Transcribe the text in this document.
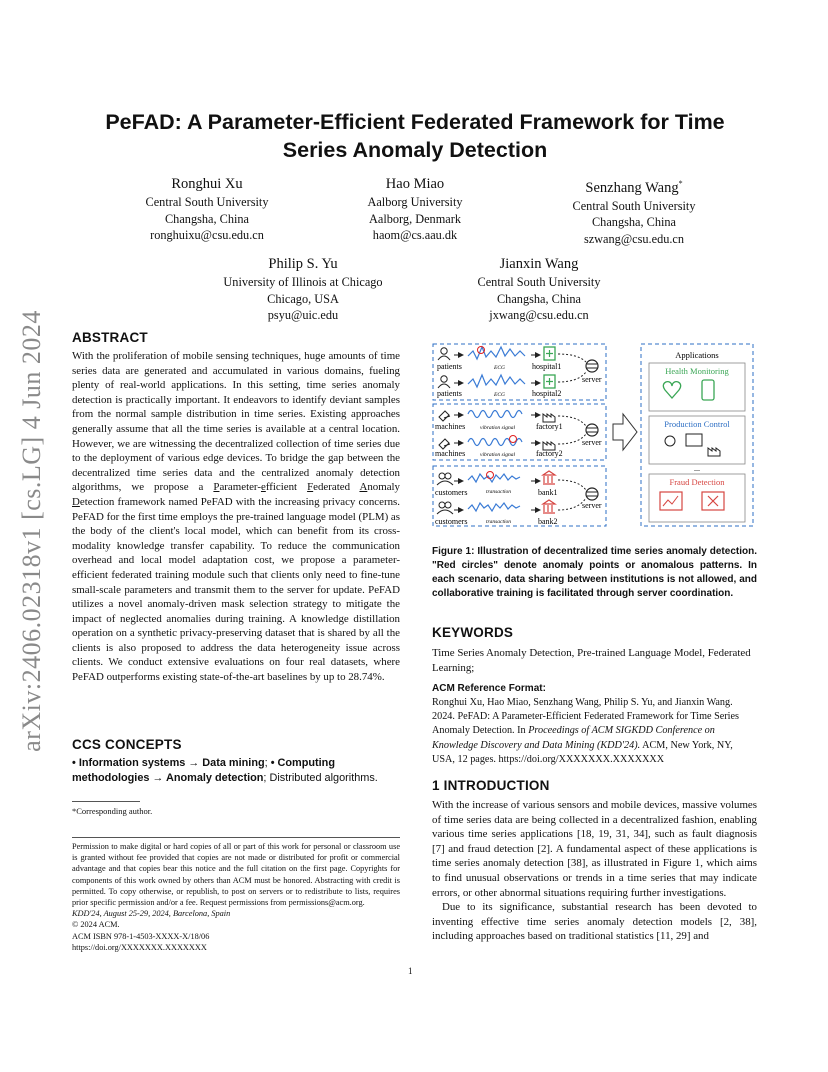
arXiv:2406.02318v1 [cs.LG] 4 Jun 2024
PeFAD: A Parameter-Efficient Federated Framework for Time
Series Anomaly Detection
Ronghui Xu
Central South University
Changsha, China
ronghuixu@csu.edu.cn
Hao Miao
Aalborg University
Aalborg, Denmark
haom@cs.aau.dk
Senzhang Wang*
Central South University
Changsha, China
szwang@csu.edu.cn
Philip S. Yu
University of Illinois at Chicago
Chicago, USA
psyu@uic.edu
Jianxin Wang
Central South University
Changsha, China
jxwang@csu.edu.cn
ABSTRACT
With the proliferation of mobile sensing techniques, huge amounts of time series data are generated and accumulated in various domains, fueling plenty of real-world applications. In this setting, time series anomaly detection is practically important. It endeavors to identify deviant samples from the normal sample distribution in time series. Existing approaches generally assume that all the time series is available at a central location. However, we are witnessing the decentralized collection of time series due to the deployment of various edge devices. To bridge the gap between the decentralized time series data and the centralized anomaly detection algorithms, we propose a Parameter-efficient Federated Anomaly Detection framework named PeFAD with the increasing privacy concerns. PeFAD for the first time employs the pre-trained language model (PLM) as the body of the client's local model, which can benefit from its cross-modality knowledge transfer capability. To reduce the communication overhead and local model adaptation cost, we propose a parameter-efficient federated training module such that clients only need to fine-tune small-scale parameters and transmit them to the server for update. PeFAD utilizes a novel anomaly-driven mask selection strategy to mitigate the impact of neglected anomalies during training. A knowledge distillation operation on a synthetic privacy-preserving dataset that is shared by all the clients is also proposed to address the data heterogeneity issue across clients. We conduct extensive evaluations on four real datasets, where PeFAD outperforms existing state-of-the-art baselines by up to 28.74%.
CCS CONCEPTS
• Information systems → Data mining; • Computing methodologies → Anomaly detection; Distributed algorithms.
*Corresponding author.
Permission to make digital or hard copies of all or part of this work for personal or classroom use is granted without fee provided that copies are not made or distributed for profit or commercial advantage and that copies bear this notice and the full citation on the first page. Copyrights for components of this work owned by others than ACM must be honored. Abstracting with credit is permitted. To copy otherwise, or republish, to post on servers or to redistribute to lists, requires prior specific permission and/or a fee. Request permissions from permissions@acm.org.
KDD'24, August 25-29, 2024, Barcelona, Spain
© 2024 ACM.
ACM ISBN 978-1-4503-XXXX-X/18/06
https://doi.org/XXXXXXX.XXXXXXX
patients	ECG	hospital1
patients	ECG	hospital2
machines	vibration signal	factory1
machines	vibration signal	factory2
customers	transaction	bank1
customers	transaction	bank2
server
server
server
Applications
Health Monitoring
Production Control
...
Fraud Detection
Figure 1: Illustration of decentralized time series anomaly detection. "Red circles" denote anomaly points or anomalous patterns. In each scenario, data sharing between institutions is not allowed, and collaborative training is facilitated through server coordination.
KEYWORDS
Time Series Anomaly Detection, Pre-trained Language Model, Federated Learning;
ACM Reference Format:
Ronghui Xu, Hao Miao, Senzhang Wang, Philip S. Yu, and Jianxin Wang. 2024. PeFAD: A Parameter-Efficient Federated Framework for Time Series Anomaly Detection. In Proceedings of ACM SIGKDD Conference on Knowledge Discovery and Data Mining (KDD'24). ACM, New York, NY, USA, 12 pages. https://doi.org/XXXXXXX.XXXXXXX
1 INTRODUCTION
With the increase of various sensors and mobile devices, massive volumes of time series data are being collected in a decentralized fashion, enabling various time series applications [18, 19, 31, 34], such as fault diagnosis [7] and fraud detection [2]. A fundamental aspect of these applications is time series anomaly detection [38], as illustrated in Figure 1, which aims to find unusual observations or trends in a time series that may indicate errors, or other abnormal situations requiring further investigations.

Due to its significance, substantial research has been devoted to inventing effective time series anomaly detection models [2, 38], including approaches based on traditional statistics [11, 29] and

1
